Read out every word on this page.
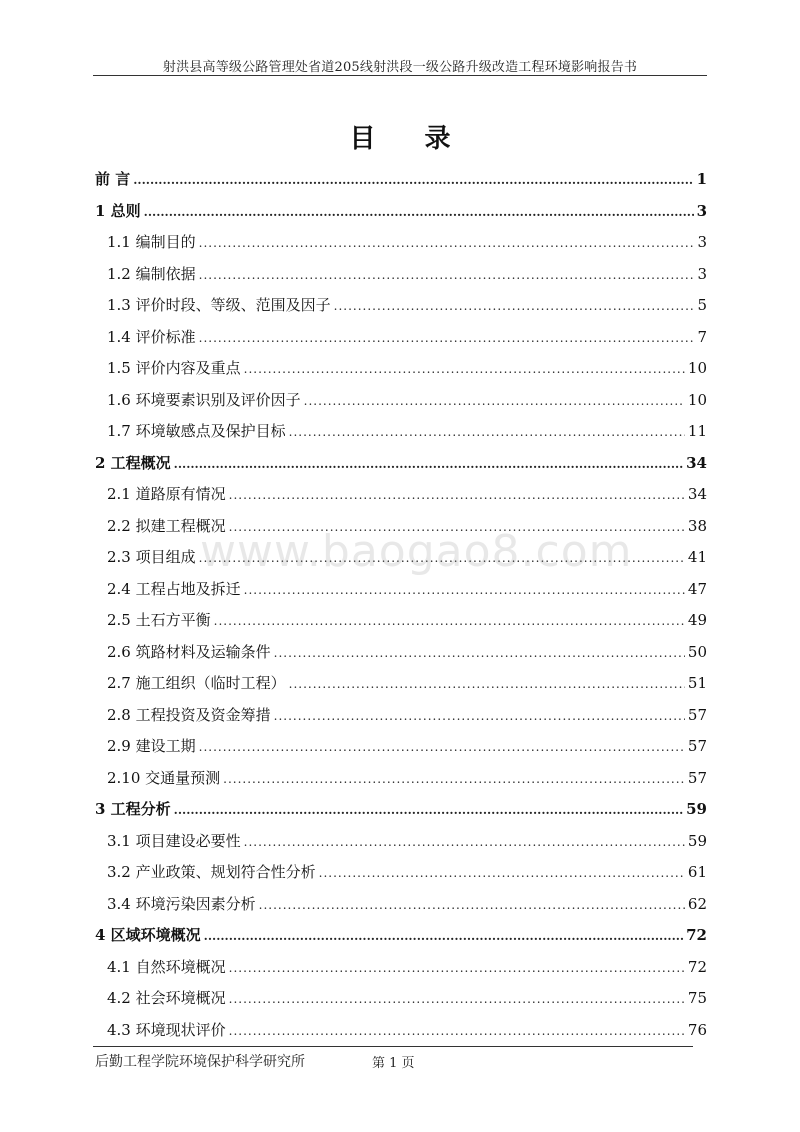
射洪县高等级公路管理处省道205线射洪段一级公路升级改造工程环境影响报告书
目 录
前 言 .....	1
1 总则 .....	3
1.1 编制目的 .....	3
1.2 编制依据 .....	3
1.3 评价时段、等级、范围及因子 .....	5
1.4 评价标准 .....	7
1.5 评价内容及重点 .....	10
1.6 环境要素识别及评价因子 .....	10
1.7 环境敏感点及保护目标 .....	11
2 工程概况 .....	34
2.1 道路原有情况 .....	34
2.2 拟建工程概况 .....	38
2.3 项目组成 .....	41
2.4 工程占地及拆迁 .....	47
2.5 土石方平衡 .....	49
2.6 筑路材料及运输条件 .....	50
2.7 施工组织（临时工程） .....	51
2.8 工程投资及资金筹措 .....	57
2.9 建设工期 .....	57
2.10 交通量预测 .....	57
3 工程分析 .....	59
3.1 项目建设必要性 .....	59
3.2 产业政策、规划符合性分析 .....	61
3.4 环境污染因素分析 .....	62
4 区域环境概况 .....	72
4.1 自然环境概况 .....	72
4.2 社会环境概况 .....	75
4.3 环境现状评价 .....	76
www.baogao8.com
后勤工程学院环境保护科学研究所	第 1 页
